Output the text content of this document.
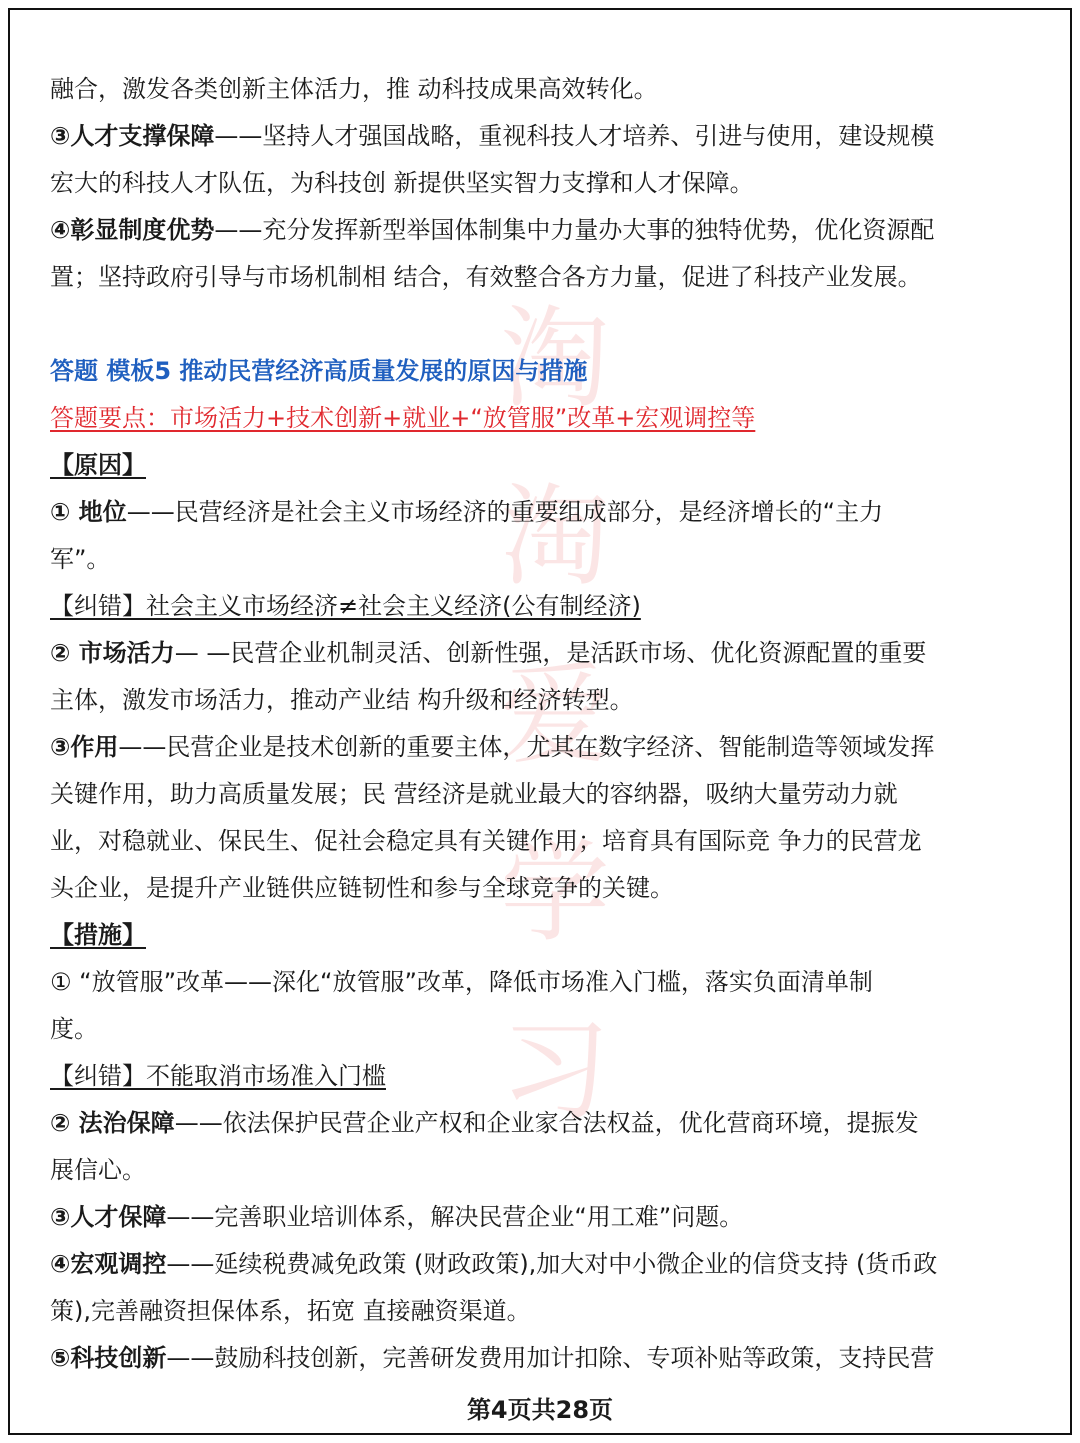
淘
淘
爱
学
习

融合，激发各类创新主体活力，推 动科技成果高效转化。

③人才支撑保障——坚持人才强国战略，重视科技人才培养、引进与使用，建设规模

宏大的科技人才队伍，为科技创 新提供坚实智力支撑和人才保障。

④彰显制度优势——充分发挥新型举国体制集中力量办大事的独特优势，优化资源配

置；坚持政府引导与市场机制相 结合，有效整合各方力量，促进了科技产业发展。

答题 模板5 推动民营经济高质量发展的原因与措施

答题要点：市场活力+技术创新+就业+“放管服”改革+宏观调控等

【原因】

① 地位——民营经济是社会主义市场经济的重要组成部分，是经济增长的“主力

军”。

【纠错】社会主义市场经济≠社会主义经济(公有制经济)

② 市场活力— —民营企业机制灵活、创新性强，是活跃市场、优化资源配置的重要

主体，激发市场活力，推动产业结 构升级和经济转型。

③作用——民营企业是技术创新的重要主体，尤其在数字经济、智能制造等领域发挥

关键作用，助力高质量发展；民 营经济是就业最大的容纳器，吸纳大量劳动力就

业，对稳就业、保民生、促社会稳定具有关键作用；培育具有国际竞 争力的民营龙

头企业，是提升产业链供应链韧性和参与全球竞争的关键。

【措施】

① “放管服”改革——深化“放管服”改革，降低市场准入门槛，落实负面清单制

度。

【纠错】不能取消市场准入门槛

② 法治保障——依法保护民营企业产权和企业家合法权益，优化营商环境，提振发

展信心。

③人才保障——完善职业培训体系，解决民营企业“用工难”问题。

④宏观调控——延续税费减免政策 (财政政策),加大对中小微企业的信贷支持 (货币政

策),完善融资担保体系，拓宽 直接融资渠道。

⑤科技创新——鼓励科技创新，完善研发费用加计扣除、专项补贴等政策，支持民营

第4页共28页
